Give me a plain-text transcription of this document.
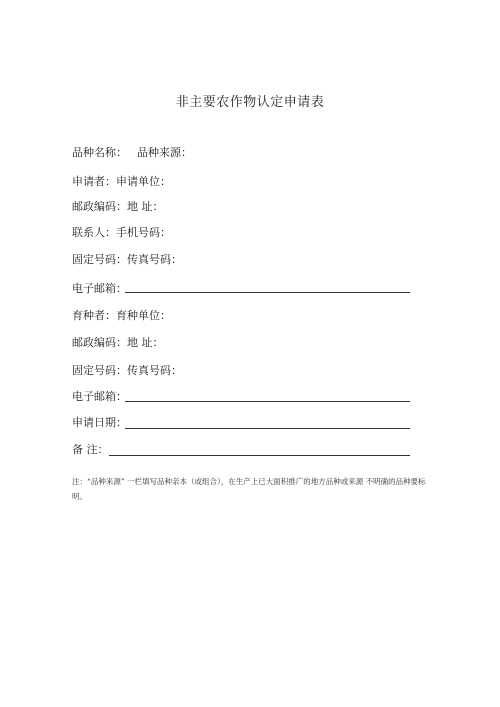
非主要农作物认定申请表
品种名称： 品种来源：
申请者：申请单位：
邮政编码：地 址：
联系人：手机号码：
固定号码：传真号码：
电子邮箱：
育种者：育种单位：
邮政编码：地 址：
固定号码：传真号码：
电子邮箱：
申请日期：
备 注：
注：“品种来源” 一栏填写品种亲本（或组合），在生产上已大面积推广的地方品种或来源 不明确的品种要标明。
